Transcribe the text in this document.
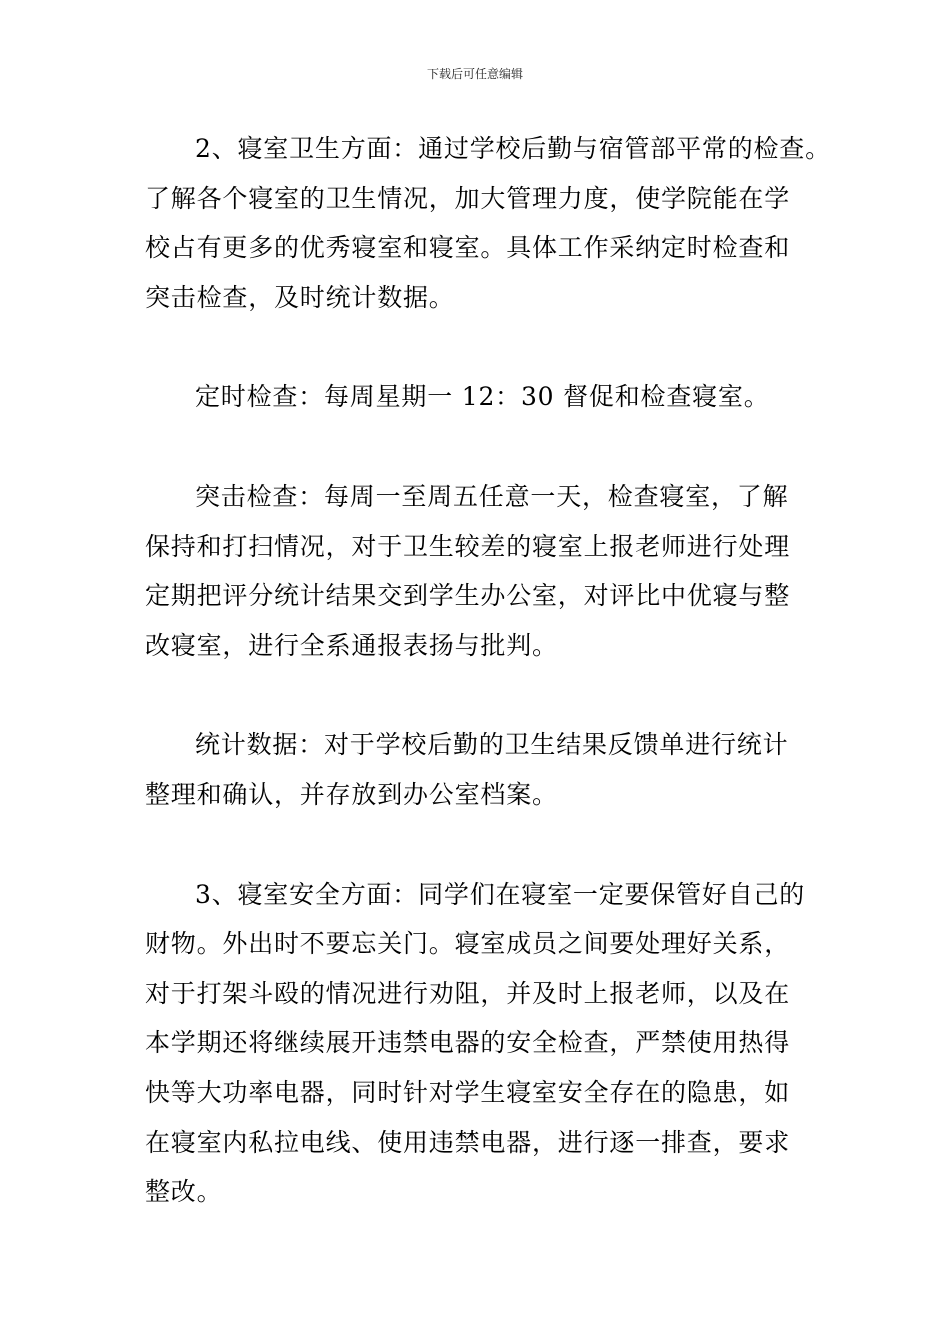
下载后可任意编辑

2、寝室卫生方面：通过学校后勤与宿管部平常的检查。
了解各个寝室的卫生情况，加大管理力度，使学院能在学
校占有更多的优秀寝室和寝室。具体工作采纳定时检查和
突击检查，及时统计数据。

定时检查：每周星期一 12：30 督促和检查寝室。

突击检查：每周一至周五任意一天，检查寝室，了解
保持和打扫情况，对于卫生较差的寝室上报老师进行处理
定期把评分统计结果交到学生办公室，对评比中优寝与整
改寝室，进行全系通报表扬与批判。

统计数据：对于学校后勤的卫生结果反馈单进行统计
整理和确认，并存放到办公室档案。

3、寝室安全方面：同学们在寝室一定要保管好自己的
财物。外出时不要忘关门。寝室成员之间要处理好关系，
对于打架斗殴的情况进行劝阻，并及时上报老师，以及在
本学期还将继续展开违禁电器的安全检查，严禁使用热得
快等大功率电器，同时针对学生寝室安全存在的隐患，如
在寝室内私拉电线、使用违禁电器，进行逐一排查，要求
整改。
